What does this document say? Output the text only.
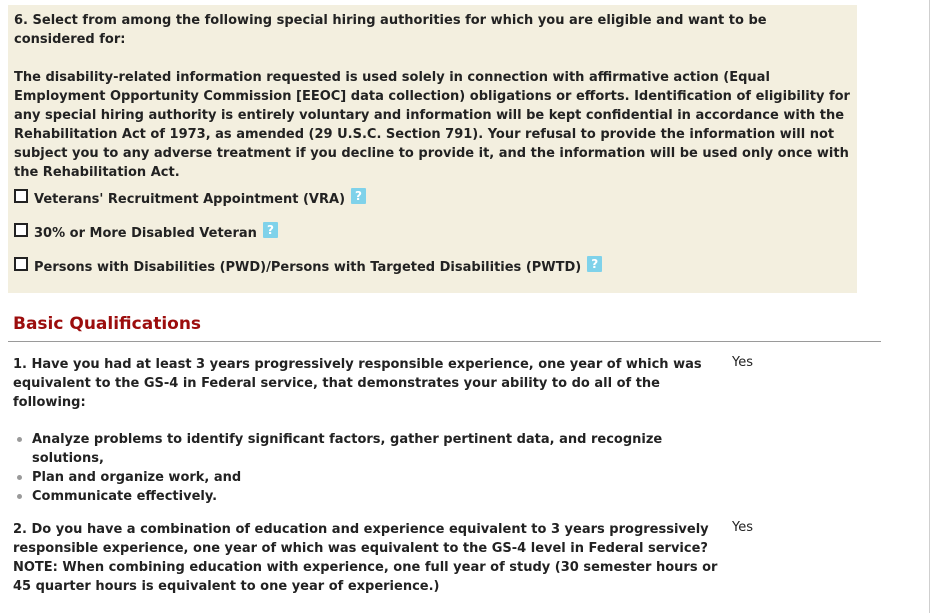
6. Select from among the following special hiring authorities for which you are eligible and want to be considered for:

The disability-related information requested is used solely in connection with affirmative action (Equal Employment Opportunity Commission [EEOC] data collection) obligations or efforts. Identification of eligibility for any special hiring authority is entirely voluntary and information will be kept confidential in accordance with the Rehabilitation Act of 1973, as amended (29 U.S.C. Section 791). Your refusal to provide the information will not subject you to any adverse treatment if you decline to provide it, and the information will be used only once with the Rehabilitation Act.

Veterans' Recruitment Appointment (VRA) ?
30% or More Disabled Veteran ?
Persons with Disabilities (PWD)/Persons with Targeted Disabilities (PWTD) ?
Basic Qualifications
1. Have you had at least 3 years progressively responsible experience, one year of which was equivalent to the GS-4 in Federal service, that demonstrates your ability to do all of the following:
Yes
Analyze problems to identify significant factors, gather pertinent data, and recognize solutions,
Plan and organize work, and
Communicate effectively.
2. Do you have a combination of education and experience equivalent to 3 years progressively responsible experience, one year of which was equivalent to the GS-4 level in Federal service? NOTE: When combining education with experience, one full year of study (30 semester hours or 45 quarter hours is equivalent to one year of experience.)
Yes
